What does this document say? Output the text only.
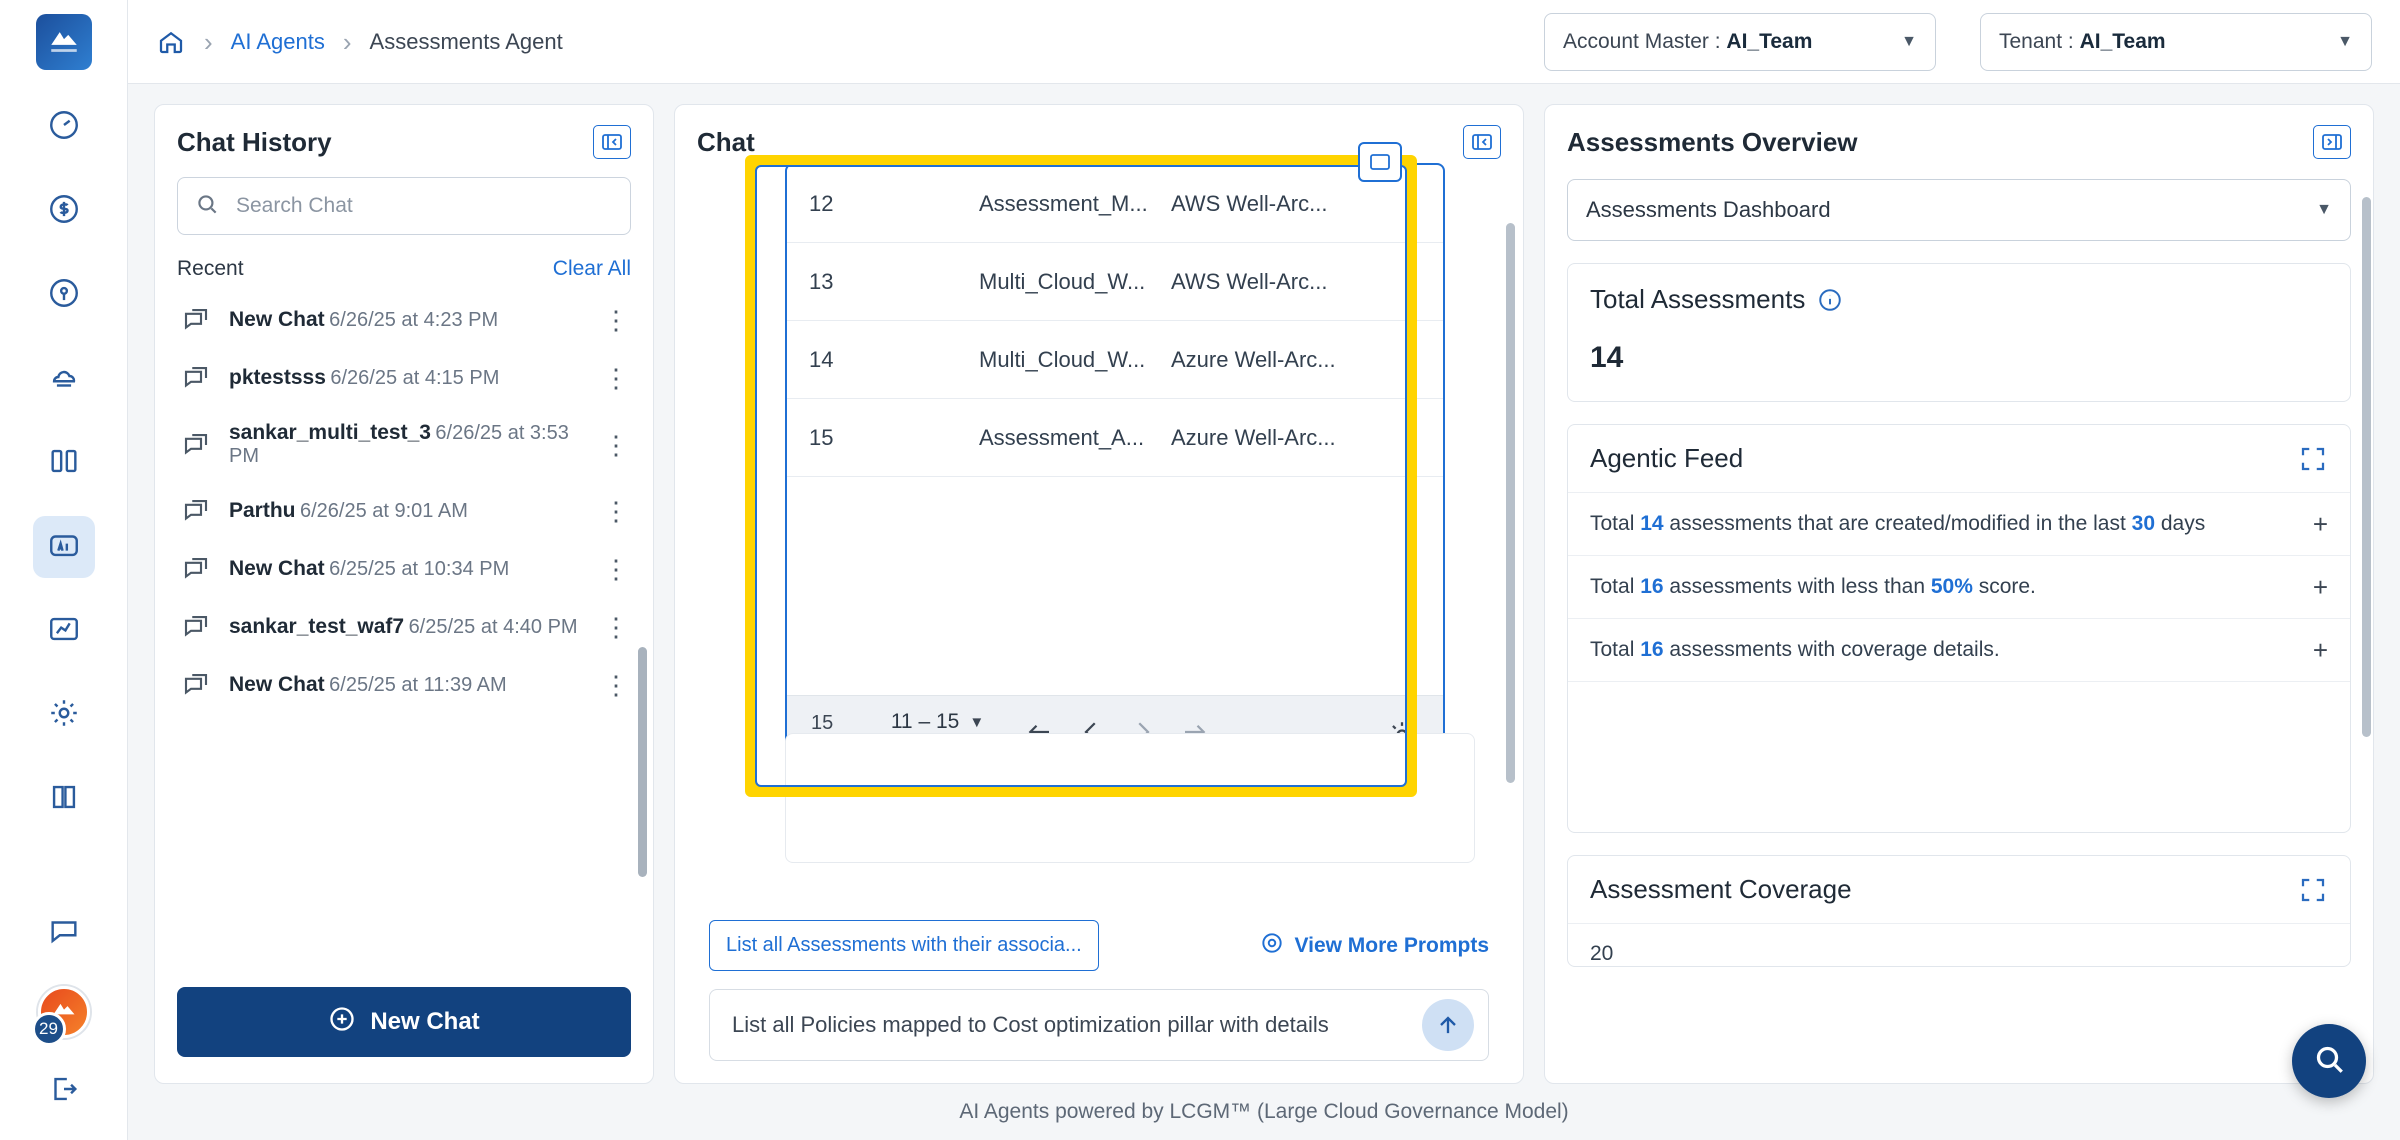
29
› AI Agents › Assessments Agent	Account Master : AI_Team	▼	Tenant : AI_Team	▼
Chat History
Search Chat
Recent	Clear All
New Chat 6/26/25 at 4:23 PM	⋮
pktestsss 6/26/25 at 4:15 PM	⋮
sankar_multi_test_3 6/26/25 at 3:53 PM	⋮
Parthu 6/26/25 at 9:01 AM	⋮
New Chat 6/25/25 at 10:34 PM	⋮
sankar_test_waf7 6/25/25 at 4:40 PM ⋮
New Chat 6/25/25 at 11:39 AM	⋮
New Chat
Chat
12	Assessment_M...	AWS Well-Arc...
13	Multi_Cloud_W...	AWS Well-Arc...
14	Multi_Cloud_W...	Azure Well-Arc...
15	Assessment_A...	Azure Well-Arc...
15	11 – 15 ▼
List all Assessments with their associa...	View More Prompts
List all Policies mapped to Cost optimization pillar with details
Assessments Overview
Assessments Dashboard	▼
Total Assessments
14
Agentic Feed
Total 14 assessments that are created/modified in the last 30 days	+
Total 16 assessments with less than 50% score.	+
Total 16 assessments with coverage details.	+
Assessment Coverage
20
AI Agents powered by LCGM™ (Large Cloud Governance Model)
